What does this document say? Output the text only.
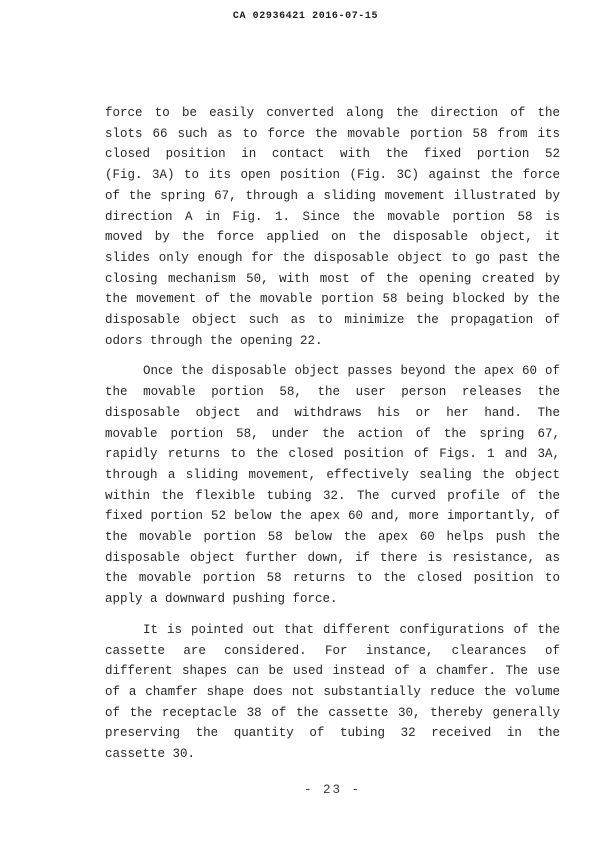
CA 02936421 2016-07-15
force to be easily converted along the direction of the
slots 66 such as to force the movable portion 58 from its
closed position in contact with the fixed portion 52
(Fig. 3A) to its open position (Fig. 3C) against the force
of the spring 67, through a sliding movement illustrated by
direction A in Fig. 1. Since the movable portion 58 is
moved by the force applied on the disposable object, it
slides only enough for the disposable object to go past the
closing mechanism 50, with most of the opening created by
the movement of the movable portion 58 being blocked by the
disposable object such as to minimize the propagation of
odors through the opening 22.
Once the disposable object passes beyond the apex 60 of
the movable portion 58, the user person releases the
disposable object and withdraws his or her hand. The
movable portion 58, under the action of the spring 67,
rapidly returns to the closed position of Figs. 1 and 3A,
through a sliding movement, effectively sealing the object
within the flexible tubing 32. The curved profile of the
fixed portion 52 below the apex 60 and, more importantly, of
the movable portion 58 below the apex 60 helps push the
disposable object further down, if there is resistance, as
the movable portion 58 returns to the closed position to
apply a downward pushing force.
It is pointed out that different configurations of the
cassette are considered. For instance, clearances of
different shapes can be used instead of a chamfer. The use
of a chamfer shape does not substantially reduce the volume
of the receptacle 38 of the cassette 30, thereby generally
preserving the quantity of tubing 32 received in the
cassette 30.
- 23 -
